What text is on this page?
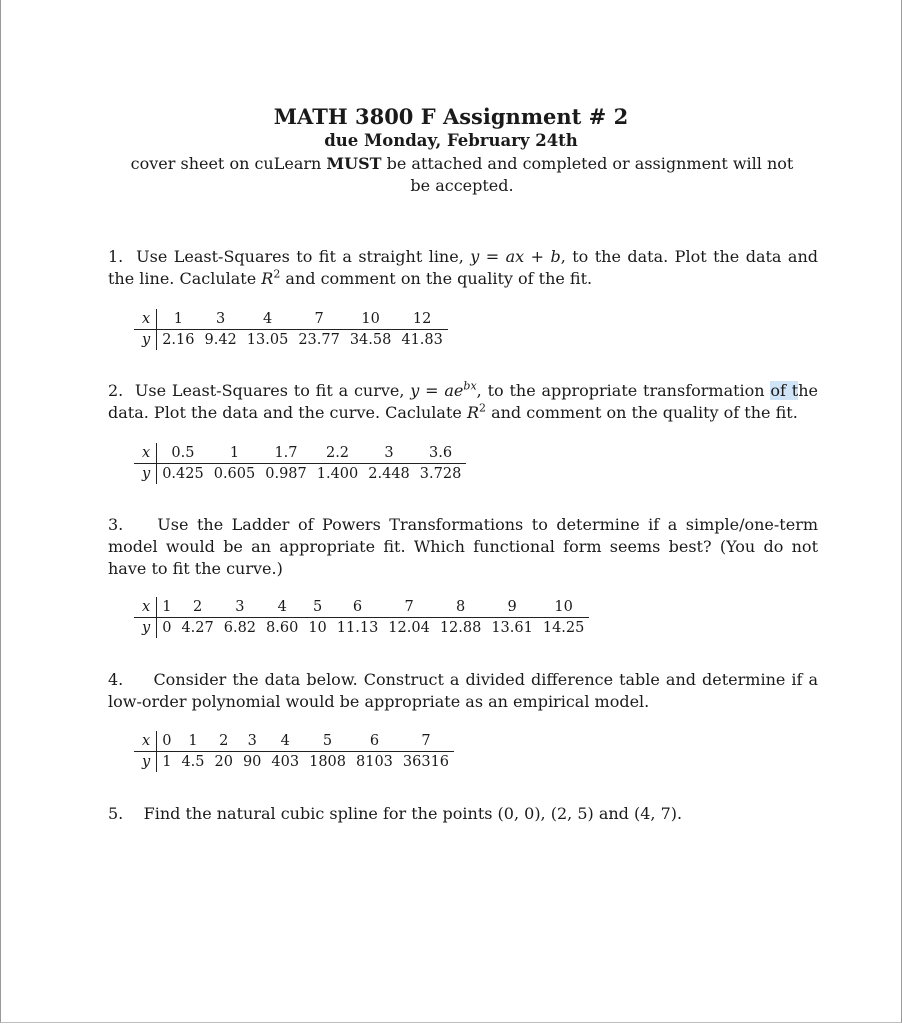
MATH 3800 F Assignment # 2
due Monday, February 24th
cover sheet on cuLearn MUST be attached and completed or assignment will not be accepted.
1. Use Least-Squares to fit a straight line, y = ax + b, to the data. Plot the data and the line. Caclulate $R^2$ and comment on the quality of the fit.
x	1	3	4	7	10	12
y	2.16	9.42	13.05	23.77	34.58	41.83
2. Use Least-Squares to fit a curve, $y = ae^{bx}$, to the appropriate transformation of the data. Plot the data and the curve. Caclulate $R^2$ and comment on the quality of the fit.
x	0.5	1	1.7	2.2	3	3.6
y	0.425	0.605	0.987	1.400	2.448	3.728
3. Use the Ladder of Powers Transformations to determine if a simple/one-term model would be an appropriate fit. Which functional form seems best? (You do not have to fit the curve.)
x	1	2	3	4	5	6	7	8	9	10
y	0	4.27	6.82	8.60	10	11.13	12.04	12.88	13.61	14.25
4. Consider the data below. Construct a divided difference table and determine if a low-order polynomial would be appropriate as an empirical model.
x	0	1	2	3	4	5	6	7
y	1	4.5	20	90	403	1808	8103	36316
5. Find the natural cubic spline for the points (0, 0), (2, 5) and (4, 7).
